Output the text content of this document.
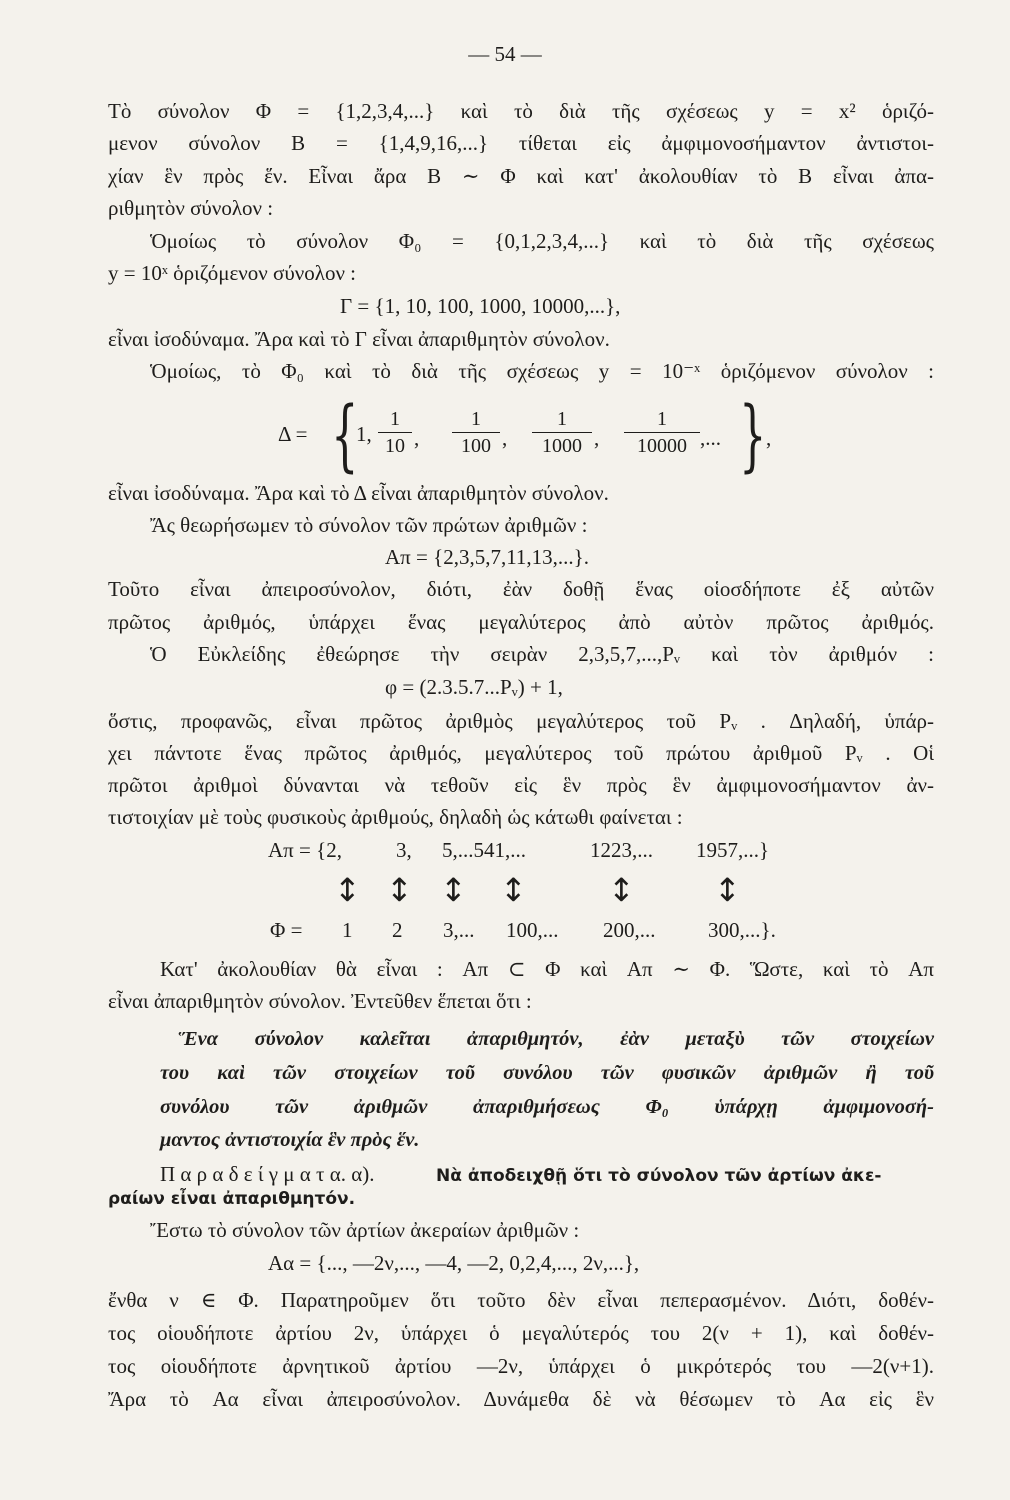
— 54 —
Τὸ σύνολον Φ = {1,2,3,4,...} καὶ τὸ διὰ τῆς σχέσεως y = x² ὁριζό-
μενον σύνολον B = {1,4,9,16,...} τίθεται εἰς ἀμφιμονοσήμαντον ἀντιστοι-
χίαν ἓν πρὸς ἕν. Εἶναι ἄρα B ∼ Φ καὶ κατ' ἀκολουθίαν τὸ B εἶναι ἀπα-
ριθμητὸν σύνολον :
Ὁμοίως τὸ σύνολον Φ₀ = {0,1,2,3,4,...} καὶ τὸ διὰ τῆς σχέσεως
y = 10ˣ ὁριζόμενον σύνολον :
Γ = {1, 10, 100, 1000, 10000,...},
εἶναι ἰσοδύναμα. Ἄρα καὶ τὸ Γ εἶναι ἀπαριθμητὸν σύνολον.
Ὁμοίως, τὸ Φ₀ καὶ τὸ διὰ τῆς σχέσεως y = 10⁻ˣ ὁριζόμενον σύνολον :
Δ = {
1, $\frac{1}{10}$ , $\frac{1}{100}$ , $\frac{1}{1000}$ , $\frac{1}{10000}$ ,... } ,
εἶναι ἰσοδύναμα. Ἄρα καὶ τὸ Δ εἶναι ἀπαριθμητὸν σύνολον.
Ἄς θεωρήσωμεν τὸ σύνολον τῶν πρώτων ἀριθμῶν :
Aπ = {2,3,5,7,11,13,...}.
Τοῦτο εἶναι ἀπειροσύνολον, διότι, ἐὰν δοθῇ ἕνας οἱοσδήποτε ἐξ αὐτῶν
πρῶτος ἀριθμός, ὑπάρχει ἕνας μεγαλύτερος ἀπὸ αὐτὸν πρῶτος ἀριθμός.
Ὁ Εὐκλείδης ἐθεώρησε τὴν σειρὰν 2,3,5,7,...,Pᵥ καὶ τὸν ἀριθμόν :
φ = (2.3.5.7...Pᵥ) + 1,
ὅστις, προφανῶς, εἶναι πρῶτος ἀριθμὸς μεγαλύτερος τοῦ Pᵥ . Δηλαδή, ὑπάρ-
χει πάντοτε ἕνας πρῶτος ἀριθμός, μεγαλύτερος τοῦ πρώτου ἀριθμοῦ Pᵥ . Οἱ
πρῶτοι ἀριθμοὶ δύνανται νὰ τεθοῦν εἰς ἓν πρὸς ἓν ἀμφιμονοσήμαντον ἀν-
τιστοιχίαν μὲ τοὺς φυσικοὺς ἀριθμούς, δηλαδὴ ὡς κάτωθι φαίνεται :
Aπ = {2,	3, 5,...541,...	1223,... 1957,...}
↕ ↕ ↕ ↕	↕ ↕
Φ = 1 2 3,... 100,... 200,...	300,...}.
Κατ' ἀκολουθίαν θὰ εἶναι : Aπ ⊂ Φ καὶ Aπ ∼ Φ. Ὥστε, καὶ τὸ Aπ
εἶναι ἀπαριθμητὸν σύνολον. Ἐντεῦθεν ἕπεται ὅτι :
Ἕνα σύνολον καλεῖται ἀπαριθμητόν, ἐὰν μεταξὺ τῶν στοιχείων
του καὶ τῶν στοιχείων τοῦ συνόλου τῶν φυσικῶν ἀριθμῶν ἢ τοῦ
συνόλου τῶν ἀριθμῶν ἀπαριθμήσεως Φ₀ ὑπάρχῃ ἀμφιμονοσή-
μαντος ἀντιστοιχία ἓν πρὸς ἕν.
Π α ρ α δ ε ί γ μ α τ α. α).	Νὰ ἀποδειχθῇ ὅτι τὸ σύνολον τῶν ἀρτίων ἀκε-
ραίων εἶναι ἀπαριθμητόν.
Ἔστω τὸ σύνολον τῶν ἀρτίων ἀκεραίων ἀριθμῶν :
Aα = {..., —2ν,..., —4, —2, 0,2,4,..., 2ν,...},
ἔνθα ν ∈ Φ. Παρατηροῦμεν ὅτι τοῦτο δὲν εἶναι πεπερασμένον. Διότι, δοθέν-
τος οἱουδήποτε ἀρτίου 2ν, ὑπάρχει ὁ μεγαλύτερός του 2(ν + 1), καὶ δοθέν-
τος οἱουδήποτε ἀρνητικοῦ ἀρτίου —2ν, ὑπάρχει ὁ μικρότερός του —2(ν+1).
Ἄρα τὸ Aα εἶναι ἀπειροσύνολον. Δυνάμεθα δὲ νὰ θέσωμεν τὸ Aα εἰς ἓν
